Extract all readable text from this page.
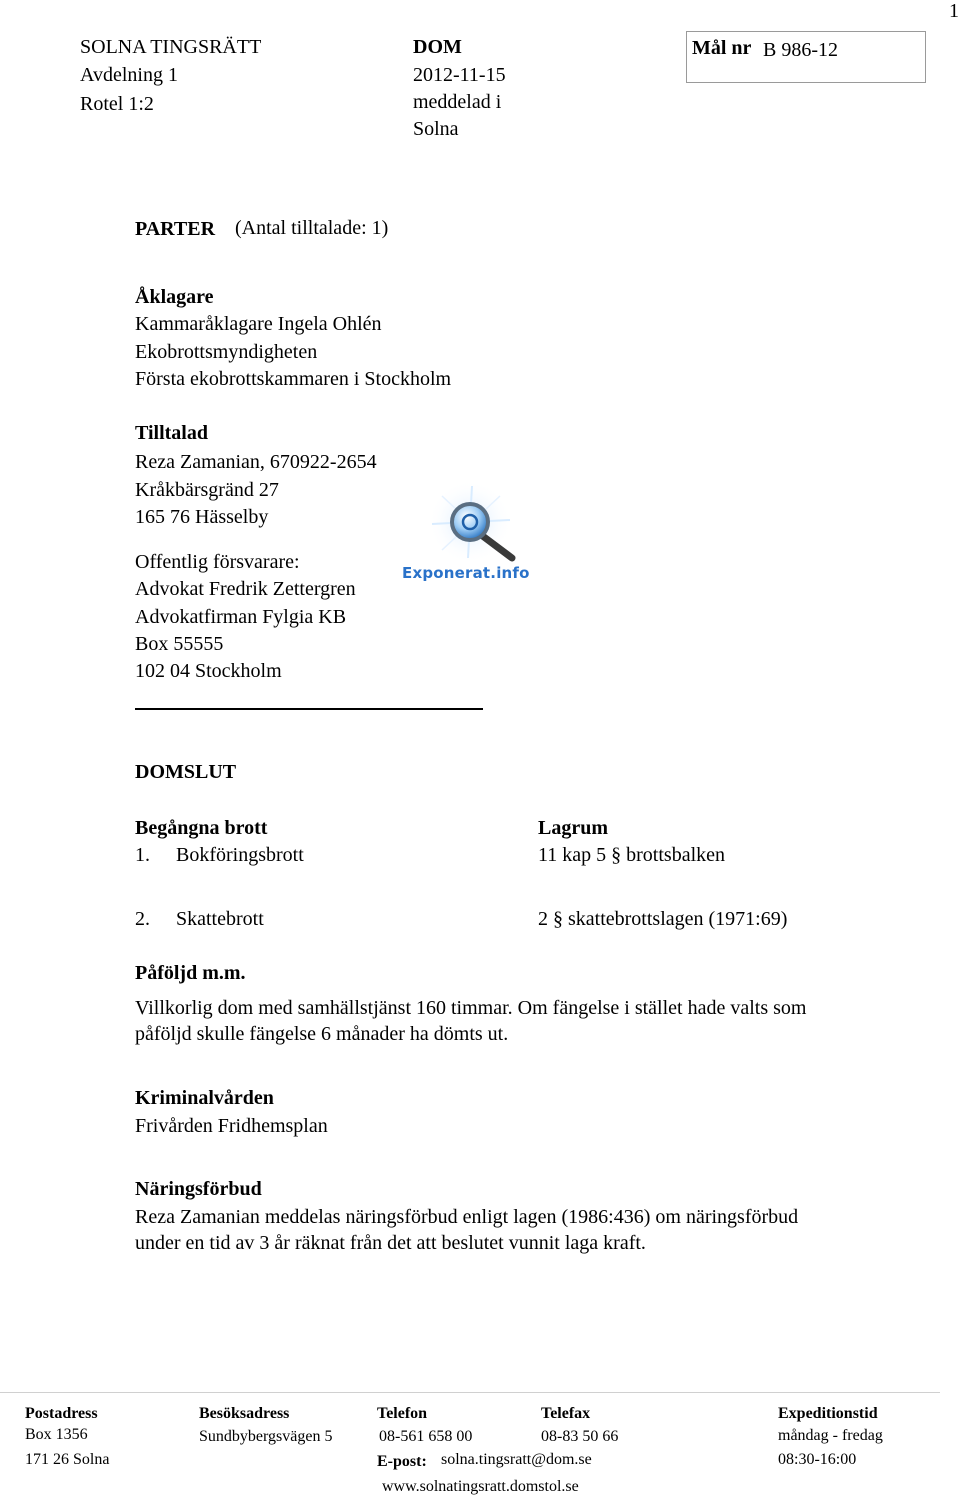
1
SOLNA TINGSRÄTT
Avdelning 1
Rotel 1:2
DOM
2012-11-15
meddelad i
Solna
Mål nr B 986-12
PARTER (Antal tilltalade: 1)
Åklagare
Kammaråklagare Ingela Ohlén
Ekobrottsmyndigheten
Första ekobrottskammaren i Stockholm
Tilltalad
Reza Zamanian, 670922-2654
Kråkbärsgränd 27
165 76 Hässelby
Offentlig försvarare:
Advokat Fredrik Zettergren
Advokatfirman Fylgia KB
Box 55555
102 04 Stockholm
Exponerat.info
DOMSLUT
Begångna brott	Lagrum
1. Bokföringsbrott	11 kap 5 § brottsbalken
2. Skattebrott	2 § skattebrottslagen (1971:69)
Påföljd m.m.
Villkorlig dom med samhällstjänst 160 timmar. Om fängelse i stället hade valts som
påföljd skulle fängelse 6 månader ha dömts ut.
Kriminalvården
Frivården Fridhemsplan
Näringsförbud
Reza Zamanian meddelas näringsförbud enligt lagen (1986:436) om näringsförbud
under en tid av 3 år räknat från det att beslutet vunnit laga kraft.
Postadress
Box 1356
171 26 Solna
Besöksadress
Sundbybergsvägen 5
Telefon
08-561 658 00
E-post: solna.tingsratt@dom.se
www.solnatingsratt.domstol.se
Telefax
08-83 50 66
Expeditionstid
måndag - fredag
08:30-16:00
